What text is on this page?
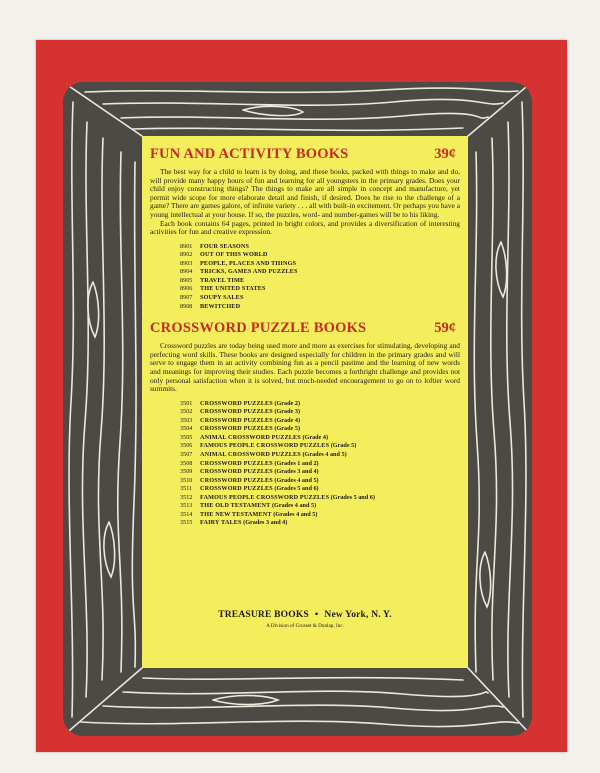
FUN AND ACTIVITY BOOKS	39¢

The best way for a child to learn is by doing, and these books, packed with things to make and do, will provide many happy hours of fun and learning for all youngsters in the primary grades. Does your child enjoy constructing things? The things to make are all simple in concept and manufacture, yet permit wide scope for more elaborate detail and finish, if desired. Does he rise to the challenge of a game? There are games galore, of infinite variety . . . all with built-in excitement. Or perhaps you have a young intellectual at your house. If so, the puzzles, word- and number-games will be to his liking.

Each book contains 64 pages, printed in bright colors, and provides a diversification of interesting activities for fun and creative expression.

8901 FOUR SEASONS
8902 OUT OF THIS WORLD
8903 PEOPLE, PLACES AND THINGS
8904 TRICKS, GAMES AND PUZZLES
8905 TRAVEL TIME
8906 THE UNITED STATES
8907 SOUPY SALES
8908 BEWITCHED
CROSSWORD PUZZLE BOOKS	59¢

Crossword puzzles are today being used more and more as exercises for stimulating, developing and perfecting word skills. These books are designed especially for children in the primary grades and will serve to engage them in an activity combining fun as a pencil pastime and the learning of new words and meanings for improving their studies. Each puzzle becomes a forthright challenge and provides not only personal satisfaction when it is solved, but much-needed encouragement to go on to loftier word summits.

3501 CROSSWORD PUZZLES (Grade 2)
3502 CROSSWORD PUZZLES (Grade 3)
3503 CROSSWORD PUZZLES (Grade 4)
3504 CROSSWORD PUZZLES (Grade 5)
3505 ANIMAL CROSSWORD PUZZLES (Grade 4)
3506 FAMOUS PEOPLE CROSSWORD PUZZLES (Grade 5)
3507 ANIMAL CROSSWORD PUZZLES (Grades 4 and 5)
3508 CROSSWORD PUZZLES (Grades 1 and 2)
3509 CROSSWORD PUZZLES (Grades 3 and 4)
3510 CROSSWORD PUZZLES (Grades 4 and 5)
3511 CROSSWORD PUZZLES (Grades 5 and 6)
3512 FAMOUS PEOPLE CROSSWORD PUZZLES (Grades 5 and 6)
3513 THE OLD TESTAMENT (Grades 4 and 5)
3514 THE NEW TESTAMENT (Grades 4 and 5)
3515 FAIRY TALES (Grades 3 and 4)
TREASURE BOOKS • New York, N. Y.
A Division of Grosset & Dunlap, Inc.
